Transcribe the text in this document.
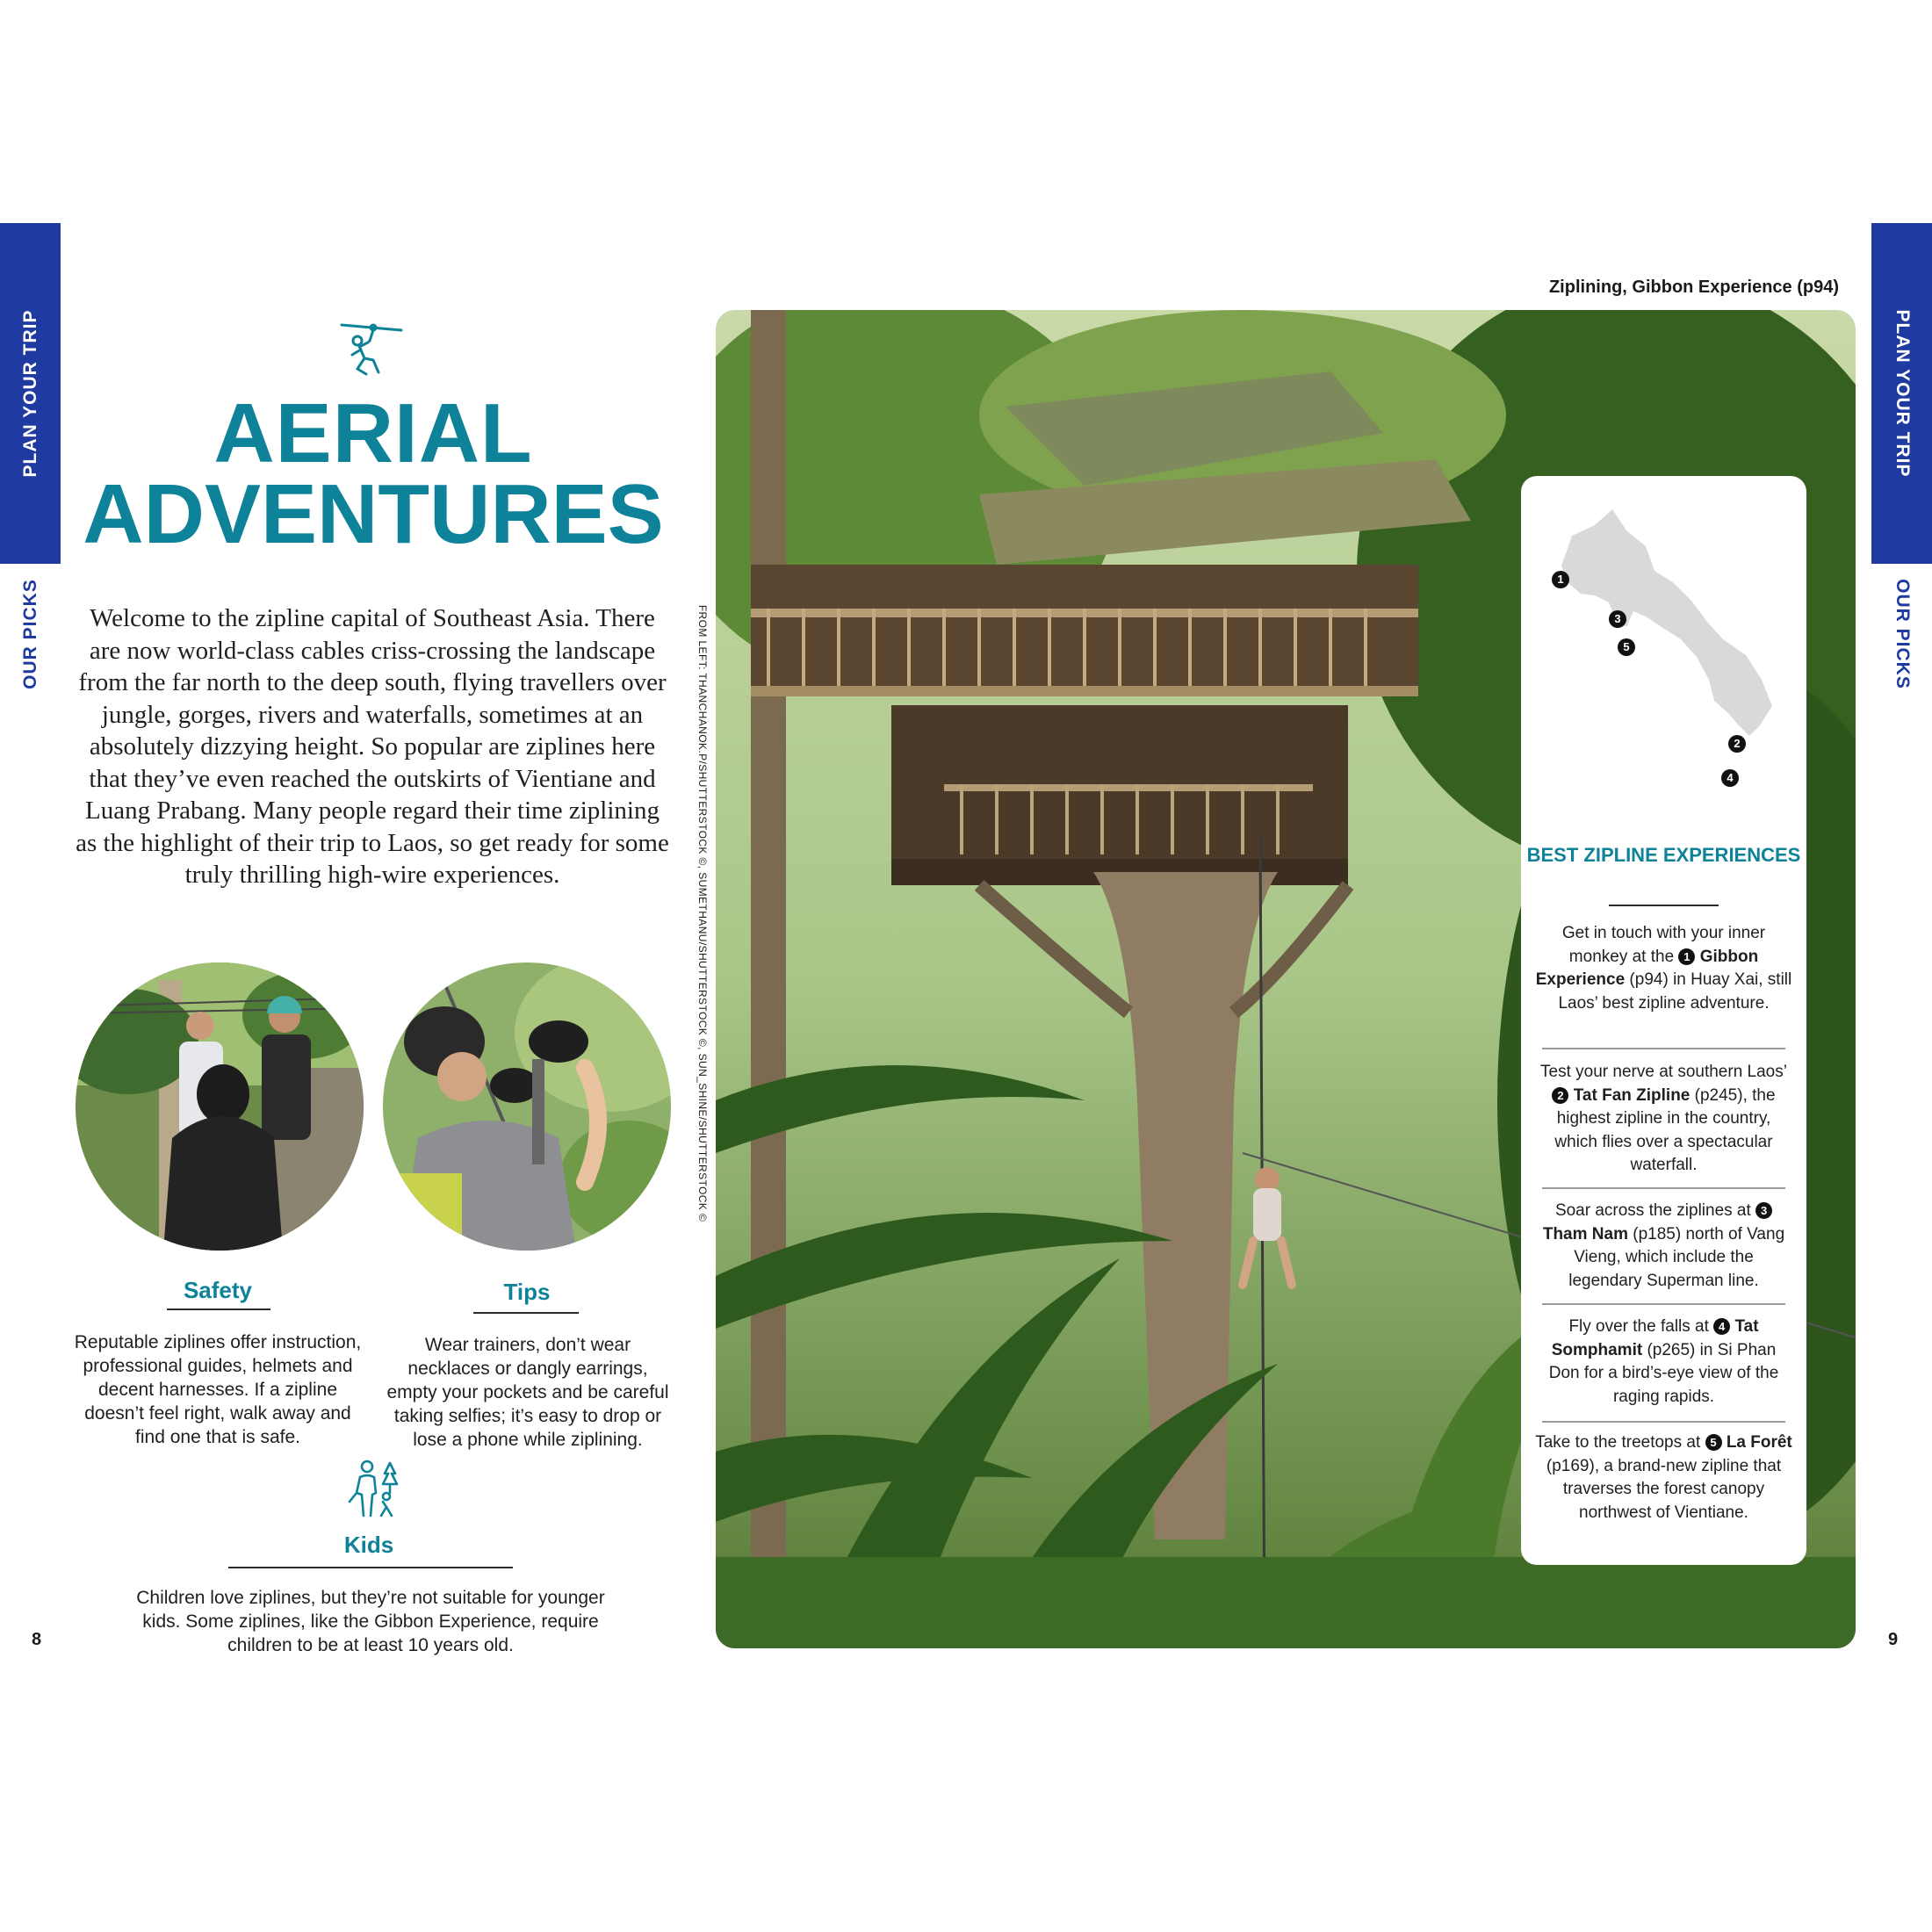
PLAN YOUR TRIP
OUR PICKS
PLAN YOUR TRIP
OUR PICKS
AERIAL
ADVENTURES
Welcome to the zipline capital of Southeast Asia. There are now world-class cables criss-crossing the landscape from the far north to the deep south, flying travellers over jungle, gorges, rivers and waterfalls, sometimes at an absolutely dizzying height. So popular are ziplines here that they’ve even reached the outskirts of Vientiane and Luang Prabang. Many people regard their time ziplining as the highlight of their trip to Laos, so get ready for some truly thrilling high-wire experiences.
Safety
Reputable ziplines offer instruction, professional guides, helmets and decent harnesses. If a zipline doesn’t feel right, walk away and find one that is safe.
Tips
Wear trainers, don’t wear necklaces or dangly earrings, empty your pockets and be careful taking selfies; it’s easy to drop or lose a phone while ziplining.
Kids
Children love ziplines, but they’re not suitable for younger kids. Some ziplines, like the Gibbon Experience, require children to be at least 10 years old.
8	9
FROM LEFT: THANCHANOK.P/SHUTTERSTOCK ©, SUMETHANU/SHUTTERSTOCK ©, SUN_SHINE/SHUTTERSTOCK ©
Ziplining, Gibbon Experience (p94)
1
3
5
2
4
BEST ZIPLINE EXPERIENCES
Get in touch with your inner monkey at the 1 Gibbon Experience (p94) in Huay Xai, still Laos’ best zipline adventure.
Test your nerve at southern Laos’ 2 Tat Fan Zipline (p245), the highest zipline in the country, which flies over a spectacular waterfall.
Soar across the ziplines at 3 Tham Nam (p185) north of Vang Vieng, which include the legendary Superman line.
Fly over the falls at 4 Tat Somphamit (p265) in Si Phan Don for a bird’s-eye view of the raging rapids.
Take to the treetops at 5 La Forêt (p169), a brand-new zipline that traverses the forest canopy northwest of Vientiane.
